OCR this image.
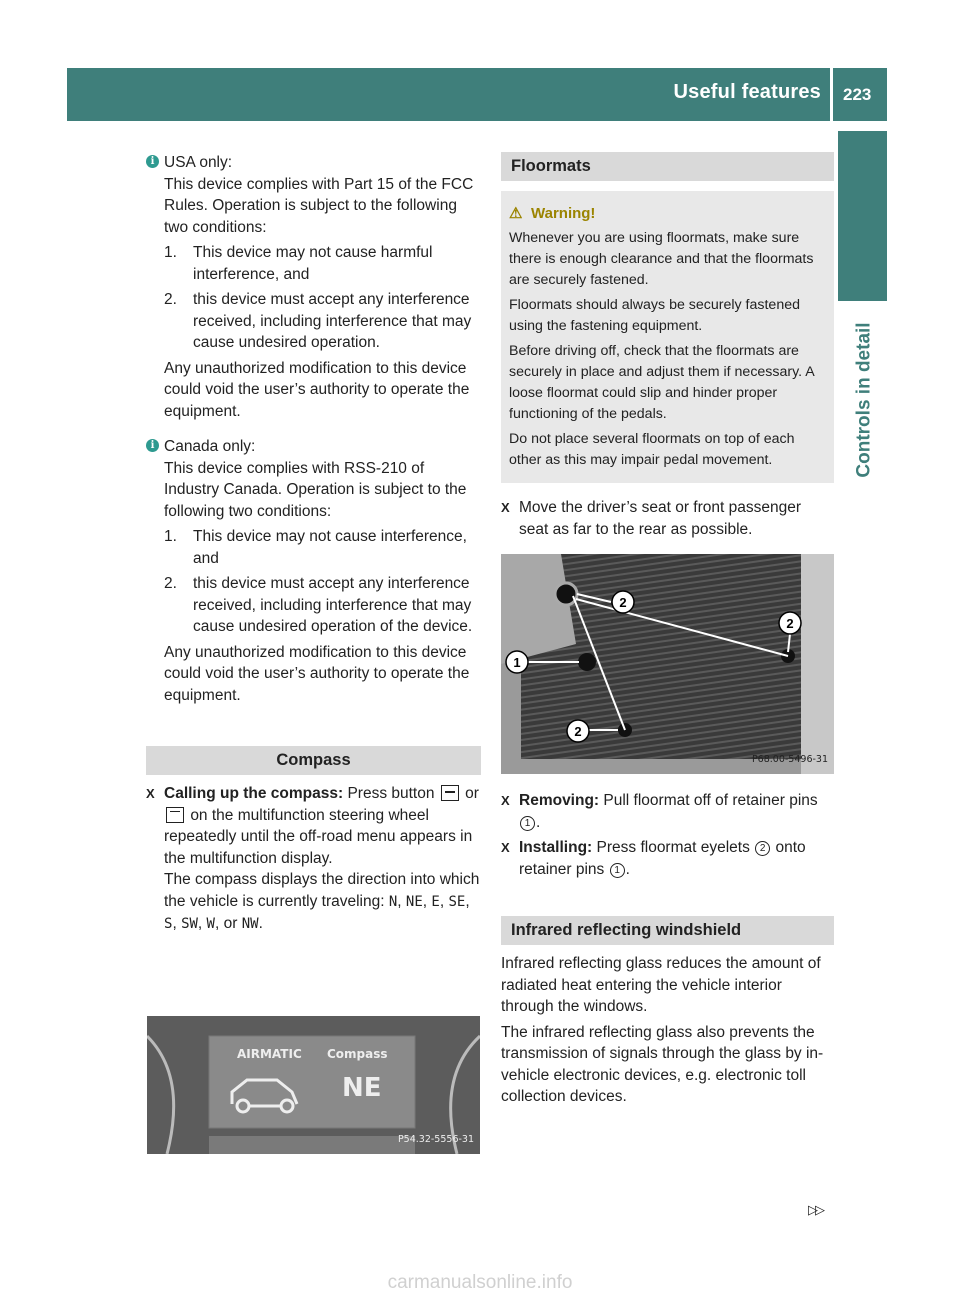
Useful features 223
Controls in detail
i USA only:

This device complies with Part 15 of the FCC Rules. Operation is subject to the following two conditions:

1. This device may not cause harmful interference, and
2. this device must accept any interference received, including interference that may cause undesired operation.

Any unauthorized modification to this device could void the user’s authority to operate the equipment.

i Canada only:

This device complies with RSS-210 of Industry Canada. Operation is subject to the following two conditions:

1. This device may not cause interference, and
2. this device must accept any interference received, including interference that may cause undesired operation of the device.

Any unauthorized modification to this device could void the user’s authority to operate the equipment.

Compass
X Calling up the compass: Press button or
on the multifunction steering wheel repeatedly until the off-road menu appears in the multifunction display.

The compass displays the direction into which the vehicle is currently traveling: N, NE, E, SE, S, SW, W, or NW.

AIRMATIC Compass
NE
P54.32-5556-31
Floormats
⚠ Warning!

Whenever you are using floormats, make sure there is enough clearance and that the floormats are securely fastened.

Floormats should always be securely fastened using the fastening equipment.

Before driving off, check that the floormats are securely in place and adjust them if necessary. A loose floormat could slip and hinder proper functioning of the pedals.

Do not place several floormats on top of each other as this may impair pedal movement.

X Move the driver’s seat or front passenger seat as far to the rear as possible.
2
2
1
2
P68.00-5496-31
X Removing: Pull floormat off of retainer pins 1 .
X Installing: Press floormat eyelets 2 onto retainer pins 1 .
Infrared reflecting windshield

Infrared reflecting glass reduces the amount of radiated heat entering the vehicle interior through the windows.

The infrared reflecting glass also prevents the transmission of signals through the glass by in-vehicle electronic devices, e.g. electronic toll collection devices.

▷▷
carmanualsonline.info
